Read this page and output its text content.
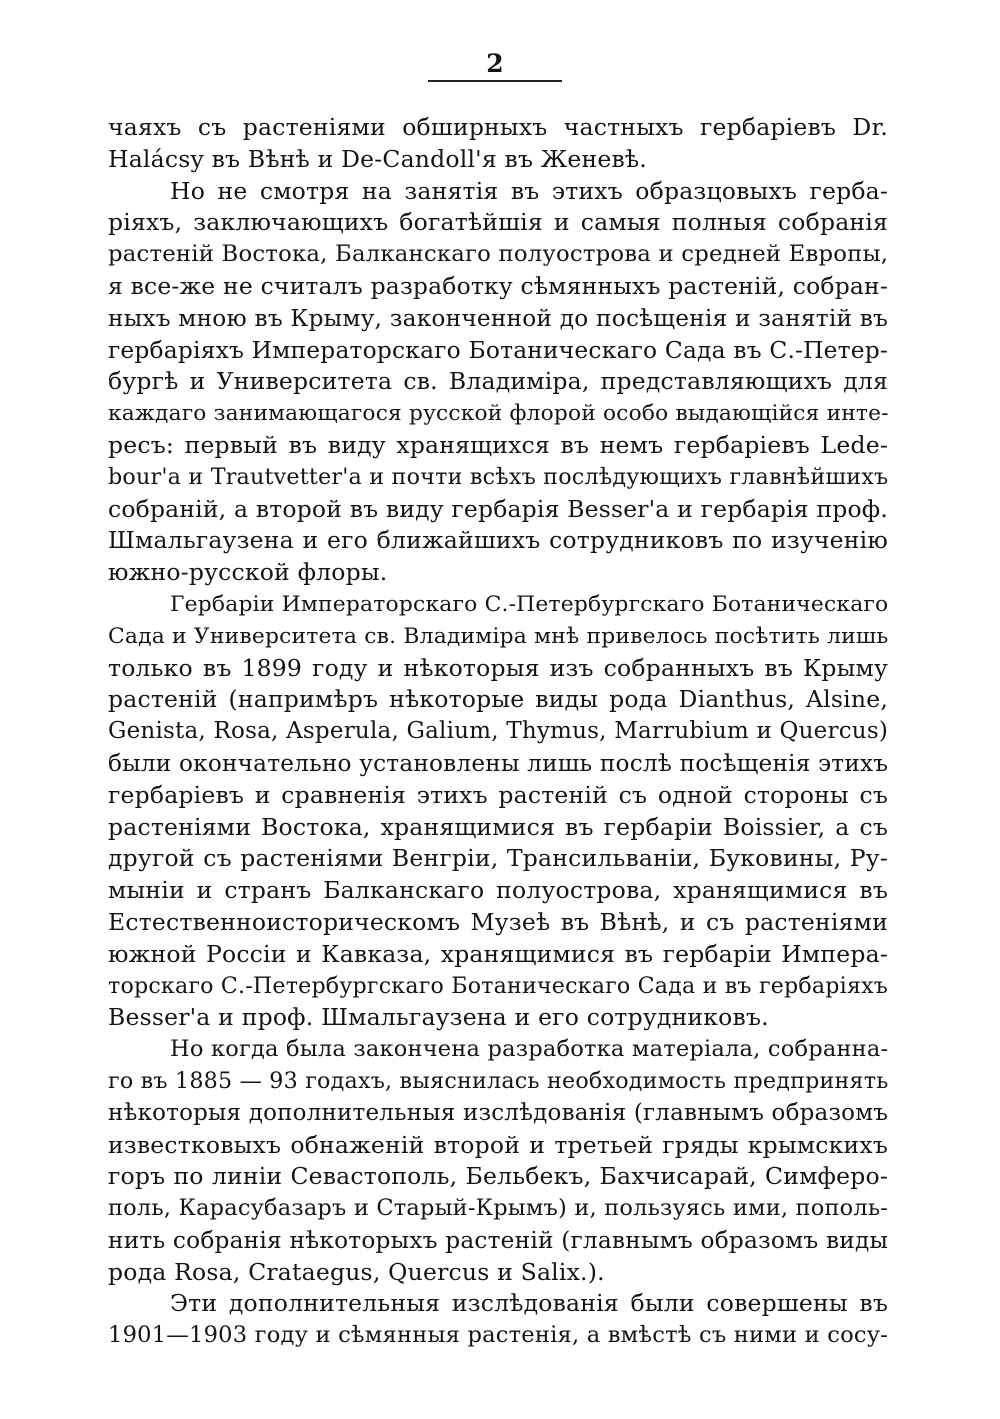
2
чаяхъ съ растеніями обширныхъ частныхъ гербаріевъ Dr.
Halácsy въ Вѣнѣ и De-Candoll'я въ Женевѣ.
Но не смотря на занятія въ этихъ образцовыхъ герба-
ріяхъ, заключающихъ богатѣйшія и самыя полныя собранія
растеній Востока, Балканскаго полуострова и средней Европы,
я все-же не считалъ разработку сѣмянныхъ растеній, собран-
ныхъ мною въ Крыму, законченной до посѣщенія и занятій въ
гербаріяхъ Императорскаго Ботаническаго Сада въ С.-Петер-
бургѣ и Университета св. Владиміра, представляющихъ для
каждаго занимающагося русской флорой особо выдающійся инте-
ресъ: первый въ виду хранящихся въ немъ гербаріевъ Lede-
bour'а и Trautvetter'а и почти всѣхъ послѣдующихъ главнѣйшихъ
собраній, а второй въ виду гербарія Besser'а и гербарія проф.
Шмальгаузена и его ближайшихъ сотрудниковъ по изученію
южно-русской флоры.
Гербаріи Императорскаго С.-Петербургскаго Ботаническаго
Сада и Университета св. Владиміра мнѣ привелось посѣтить лишь
только въ 1899 году и нѣкоторыя изъ собранныхъ въ Крыму
растеній (напримѣръ нѣкоторые виды рода Dianthus, Alsine,
Genista, Rosa, Asperula, Galium, Thymus, Marrubium и Quercus)
были окончательно установлены лишь послѣ посѣщенія этихъ
гербаріевъ и сравненія этихъ растеній съ одной стороны съ
растеніями Востока, хранящимися въ гербаріи Boissier, а съ
другой съ растеніями Венгріи, Трансильваніи, Буковины, Ру-
мыніи и странъ Балканскаго полуострова, хранящимися въ
Естественноисторическомъ Музеѣ въ Вѣнѣ, и съ растеніями
южной Россіи и Кавказа, хранящимися въ гербаріи Импера-
торскаго С.-Петербургскаго Ботаническаго Сада и въ гербаріяхъ
Besser'а и проф. Шмальгаузена и его сотрудниковъ.
Но когда была закончена разработка матеріала, собранна-
го въ 1885 — 93 годахъ, выяснилась необходимость предпринять
нѣкоторыя дополнительныя изслѣдованія (главнымъ образомъ
известковыхъ обнаженій второй и третьей гряды крымскихъ
горъ по линіи Севастополь, Бельбекъ, Бахчисарай, Симферо-
поль, Карасубазаръ и Старый-Крымъ) и, пользуясь ими, пополь-
нить собранія нѣкоторыхъ растеній (главнымъ образомъ виды
рода Rosa, Crataegus, Quercus и Salix.).
Эти дополнительныя изслѣдованія были совершены въ
1901—1903 году и сѣмянныя растенія, а вмѣстѣ съ ними и сосу-
